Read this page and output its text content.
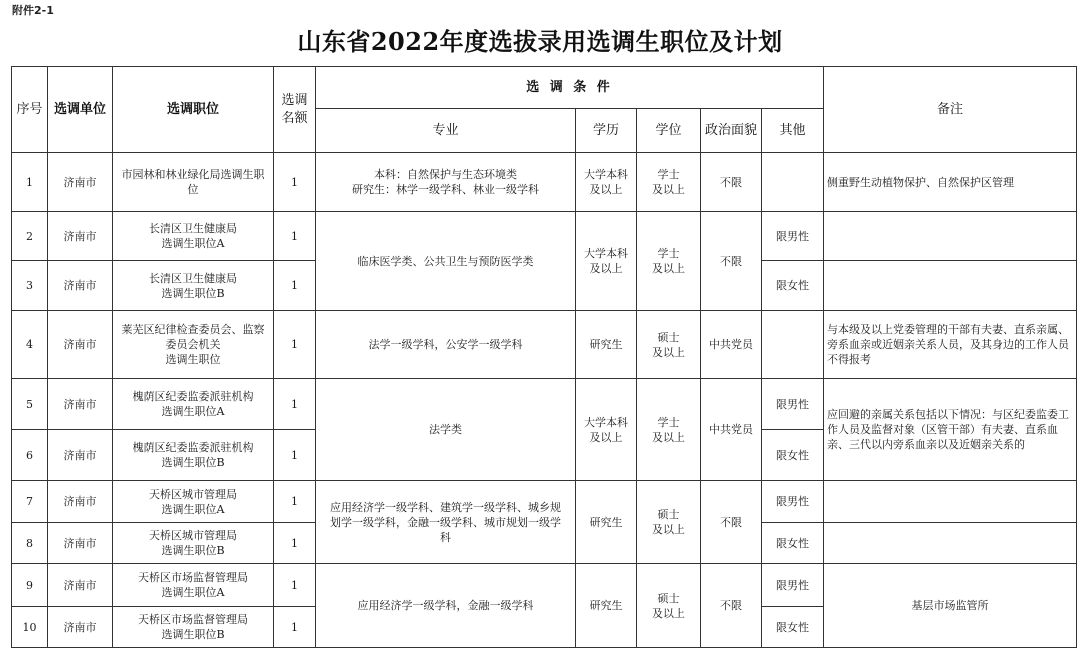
附件2-1
山东省2022年度选拔录用选调生职位及计划
序号	选调单位	选调职位	选调
名额	选 调 条 件					备注
				专业	学历	学位	政治面貌	其他	
1	济南市	市园林和林业绿化局选调生职
位	1	本科：自然保护与生态环境类
研究生：林学一级学科、林业一级学科	大学本科
及以上	学士
及以上	不限		侧重野生动植物保护、自然保护区管理
2	济南市	长清区卫生健康局
选调生职位A	1	临床医学类、公共卫生与预防医学类	大学本科
及以上	学士
及以上	不限	限男性	
3	济南市	长清区卫生健康局
选调生职位B	1					限女性	
4	济南市	莱芜区纪律检查委员会、监察
委员会机关
选调生职位	1	法学一级学科，公安学一级学科	研究生	硕士
及以上	中共党员		与本级及以上党委管理的干部有夫妻、直系亲属、旁系血亲或近姻亲关系人员，及其身边的工作人员不得报考
5	济南市	槐荫区纪委监委派驻机构
选调生职位A	1	法学类	大学本科
及以上	学士
及以上	中共党员	限男性	应回避的亲属关系包括以下情况：与区纪委监委工作人员及监督对象（区管干部）有夫妻、直系血亲、三代以内旁系血亲以及近姻亲关系的
6	济南市	槐荫区纪委监委派驻机构
选调生职位B	1					限女性	
7	济南市	天桥区城市管理局
选调生职位A	1	应用经济学一级学科、建筑学一级学科、城乡规
划学一级学科，金融一级学科、城市规划一级学
科	研究生	硕士
及以上	不限	限男性	
8	济南市	天桥区城市管理局
选调生职位B	1					限女性	
9	济南市	天桥区市场监督管理局
选调生职位A	1	应用经济学一级学科，金融一级学科	研究生	硕士
及以上	不限	限男性	基层市场监管所
10	济南市	天桥区市场监督管理局
选调生职位B	1					限女性	
